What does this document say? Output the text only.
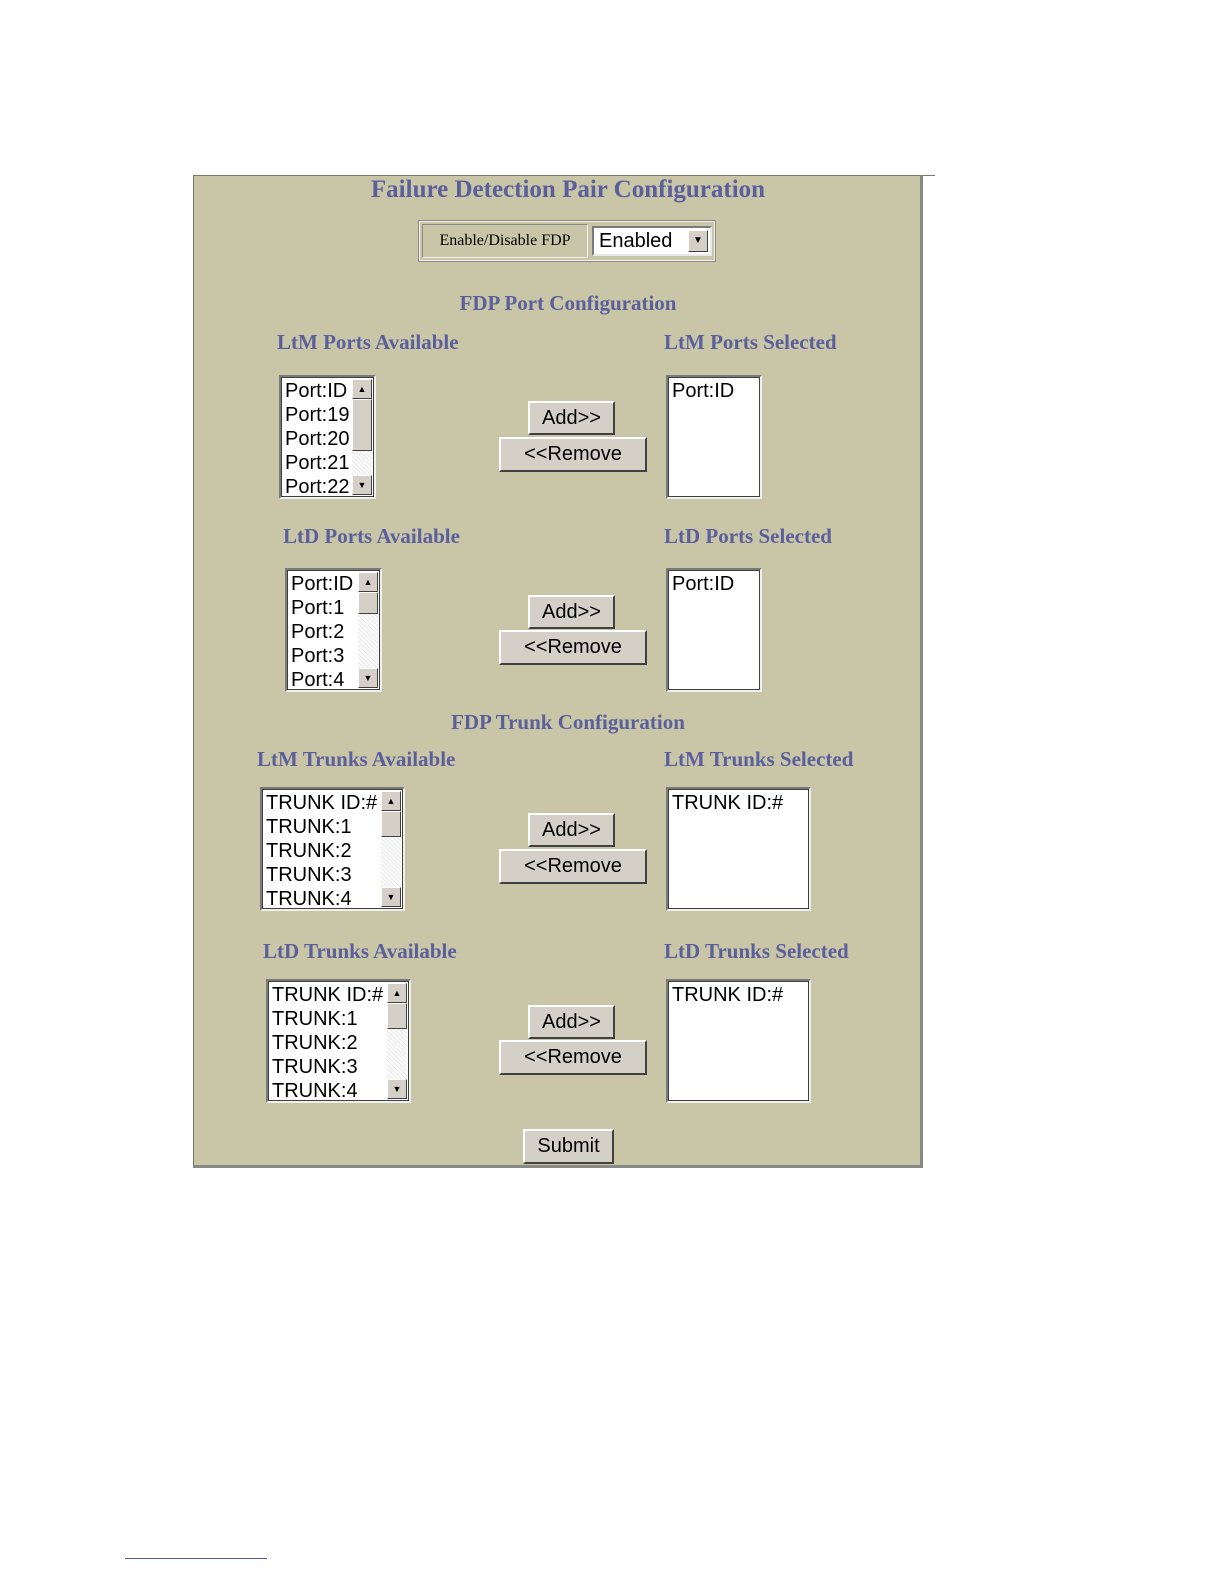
Failure Detection Pair Configuration
Enable/Disable FDP	Enabled	▼
FDP Port Configuration
LtM Ports Available	LtM Ports Selected
Port:ID
Port:19
Port:20
Port:21
Port:22
▲
▼
Add>>
<<Remove
Port:ID
LtD Ports Available	LtD Ports Selected
Port:ID
Port:1
Port:2
Port:3
Port:4
▲
▼
Add>>
<<Remove
Port:ID
FDP Trunk Configuration
LtM Trunks Available	LtM Trunks Selected
TRUNK ID:#
TRUNK:1
TRUNK:2
TRUNK:3
TRUNK:4
▲
▼
Add>>
<<Remove
TRUNK ID:#
LtD Trunks Available	LtD Trunks Selected
TRUNK ID:#
TRUNK:1
TRUNK:2
TRUNK:3
TRUNK:4
▲
▼
Add>>
<<Remove
TRUNK ID:#
Submit
